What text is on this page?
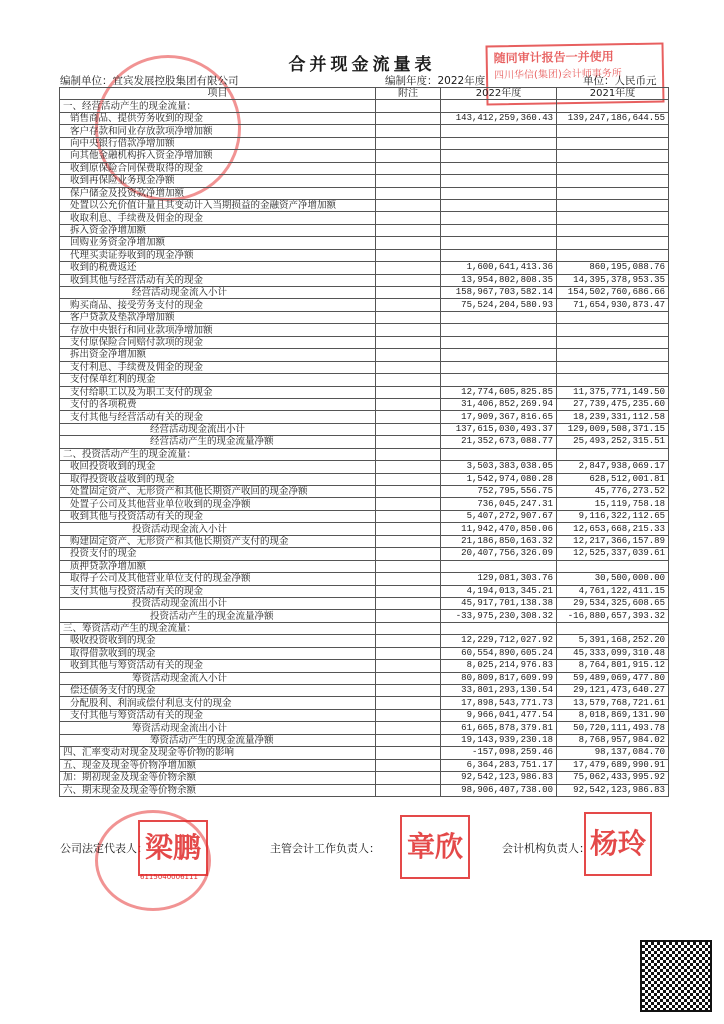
合并现金流量表	随同审计报告一并使用
四川华信(集团)会计师事务所
编制单位：宜宾发展控股集团有限公司	编制年度：2022年度	单位：人民币元
项目	附注	2022年度	2021年度
一、经营活动产生的现金流量：			
销售商品、提供劳务收到的现金		143,412,259,360.43	139,247,186,644.55
客户存款和同业存放款项净增加额			
向中央银行借款净增加额			
向其他金融机构拆入资金净增加额			
收到原保险合同保费取得的现金			
收到再保险业务现金净额			
保户储金及投资款净增加额			
处置以公允价值计量且其变动计入当期损益的金融资产净增加额			
收取利息、手续费及佣金的现金			
拆入资金净增加额			
回购业务资金净增加额			
代理买卖证券收到的现金净额			
收到的税费返还		1,600,641,413.36	860,195,088.76
收到其他与经营活动有关的现金		13,954,802,808.35	14,395,378,953.35
经营活动现金流入小计		158,967,703,582.14	154,502,760,686.66
购买商品、接受劳务支付的现金		75,524,204,580.93	71,654,930,873.47
客户贷款及垫款净增加额			
存放中央银行和同业款项净增加额			
支付原保险合同赔付款项的现金			
拆出资金净增加额			
支付利息、手续费及佣金的现金			
支付保单红利的现金			
支付给职工以及为职工支付的现金		12,774,605,825.85	11,375,771,149.50
支付的各项税费		31,406,852,269.94	27,739,475,235.60
支付其他与经营活动有关的现金		17,909,367,816.65	18,239,331,112.58
经营活动现金流出小计		137,615,030,493.37	129,009,508,371.15
经营活动产生的现金流量净额		21,352,673,088.77	25,493,252,315.51
二、投资活动产生的现金流量：			
收回投资收到的现金		3,503,383,038.05	2,847,938,069.17
取得投资收益收到的现金		1,542,974,080.28	628,512,001.81
处置固定资产、无形资产和其他长期资产收回的现金净额		752,795,556.75	45,776,273.52
处置子公司及其他营业单位收到的现金净额		736,045,247.31	15,119,758.18
收到其他与投资活动有关的现金		5,407,272,907.67	9,116,322,112.65
投资活动现金流入小计		11,942,470,850.06	12,653,668,215.33
购建固定资产、无形资产和其他长期资产支付的现金		21,186,850,163.32	12,217,366,157.89
投资支付的现金		20,407,756,326.09	12,525,337,039.61
质押贷款净增加额			
取得子公司及其他营业单位支付的现金净额		129,081,303.76	30,500,000.00
支付其他与投资活动有关的现金		4,194,013,345.21	4,761,122,411.15
投资活动现金流出小计		45,917,701,138.38	29,534,325,608.65
投资活动产生的现金流量净额		-33,975,230,308.32	-16,880,657,393.32
三、筹资活动产生的现金流量：			
吸收投资收到的现金		12,229,712,027.92	5,391,168,252.20
取得借款收到的现金		60,554,890,605.24	45,333,099,310.48
收到其他与筹资活动有关的现金		8,025,214,976.83	8,764,801,915.12
筹资活动现金流入小计		80,809,817,609.99	59,489,069,477.80
偿还债务支付的现金		33,801,293,130.54	29,121,473,640.27
分配股利、利润或偿付利息支付的现金		17,898,543,771.73	13,579,768,721.61
支付其他与筹资活动有关的现金		9,966,041,477.54	8,018,869,131.90
筹资活动现金流出小计		61,665,878,379.81	50,720,111,493.78
筹资活动产生的现金流量净额		19,143,939,230.18	8,768,957,984.02
四、汇率变动对现金及现金等价物的影响		-157,098,259.46	98,137,084.70
五、现金及现金等价物净增加额		6,364,283,751.17	17,479,689,990.91
加：期初现金及现金等价物余额		92,542,123,986.83	75,062,433,995.92
六、期末现金及现金等价物余额		98,906,407,738.00	92,542,123,986.83
公司法定代表人：	主管会计工作负责人：	会计机构负责人：
梁鹏
6115040006111
章欣	杨玲
